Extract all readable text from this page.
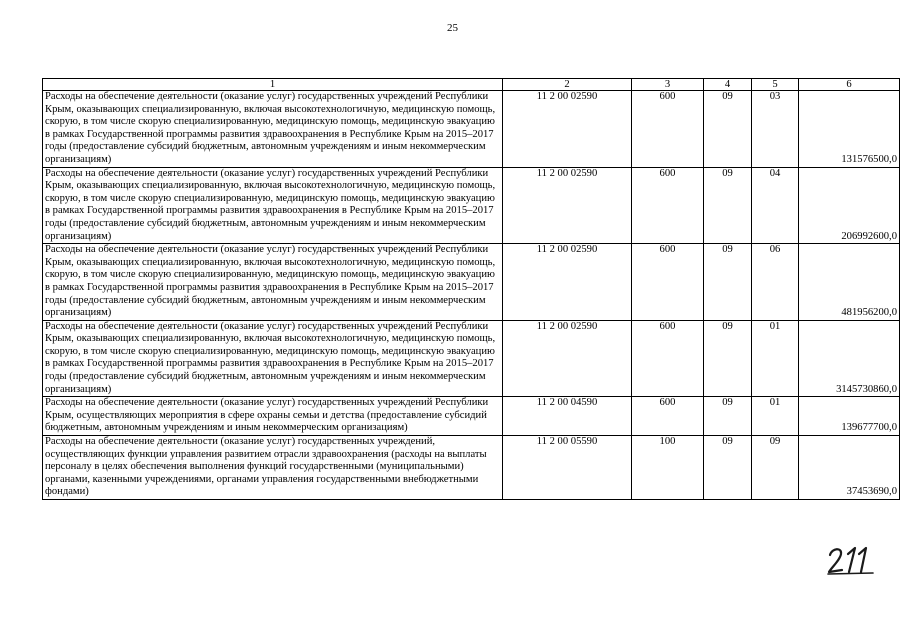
25
1	2	3	4	5	6
Расходы на обеспечение деятельности (оказание услуг) государственных учреждений Республики Крым, оказывающих специализированную, включая высокотехнологичную, медицинскую помощь, скорую, в том числе скорую специализированную, медицинскую помощь, медицинскую эвакуацию в рамках Государственной программы развития здравоохранения в Республике Крым на 2015–2017 годы (предоставление субсидий бюджетным, автономным учреждениям и иным некоммерческим организациям)	11 2 00 02590	600	09	03	131576500,0
Расходы на обеспечение деятельности (оказание услуг) государственных учреждений Республики Крым, оказывающих специализированную, включая высокотехнологичную, медицинскую помощь, скорую, в том числе скорую специализированную, медицинскую помощь, медицинскую эвакуацию в рамках Государственной программы развития здравоохранения в Республике Крым на 2015–2017 годы (предоставление субсидий бюджетным, автономным учреждениям и иным некоммерческим организациям)	11 2 00 02590	600	09	04	206992600,0
Расходы на обеспечение деятельности (оказание услуг) государственных учреждений Республики Крым, оказывающих специализированную, включая высокотехнологичную, медицинскую помощь, скорую, в том числе скорую специализированную, медицинскую помощь, медицинскую эвакуацию в рамках Государственной программы развития здравоохранения в Республике Крым на 2015–2017 годы (предоставление субсидий бюджетным, автономным учреждениям и иным некоммерческим организациям)	11 2 00 02590	600	09	06	481956200,0
Расходы на обеспечение деятельности (оказание услуг) государственных учреждений Республики Крым, оказывающих специализированную, включая высокотехнологичную, медицинскую помощь, скорую, в том числе скорую специализированную, медицинскую помощь, медицинскую эвакуацию в рамках Государственной программы развития здравоохранения в Республике Крым на 2015–2017 годы (предоставление субсидий бюджетным, автономным учреждениям и иным некоммерческим организациям)	11 2 00 02590	600	09	01	3145730860,0
Расходы на обеспечение деятельности (оказание услуг) государственных учреждений Республики Крым, осуществляющих мероприятия в сфере охраны семьи и детства (предоставление субсидий бюджетным, автономным учреждениям и иным некоммерческим организациям)	11 2 00 04590	600	09	01	139677700,0
Расходы на обеспечение деятельности (оказание услуг) государственных учреждений, осуществляющих функции управления развитием отрасли здравоохранения (расходы на выплаты персоналу в целях обеспечения выполнения функций государственными (муниципальными) органами, казенными учреждениями, органами управления государственными внебюджетными фондами)	11 2 00 05590	100	09	09	37453690,0
